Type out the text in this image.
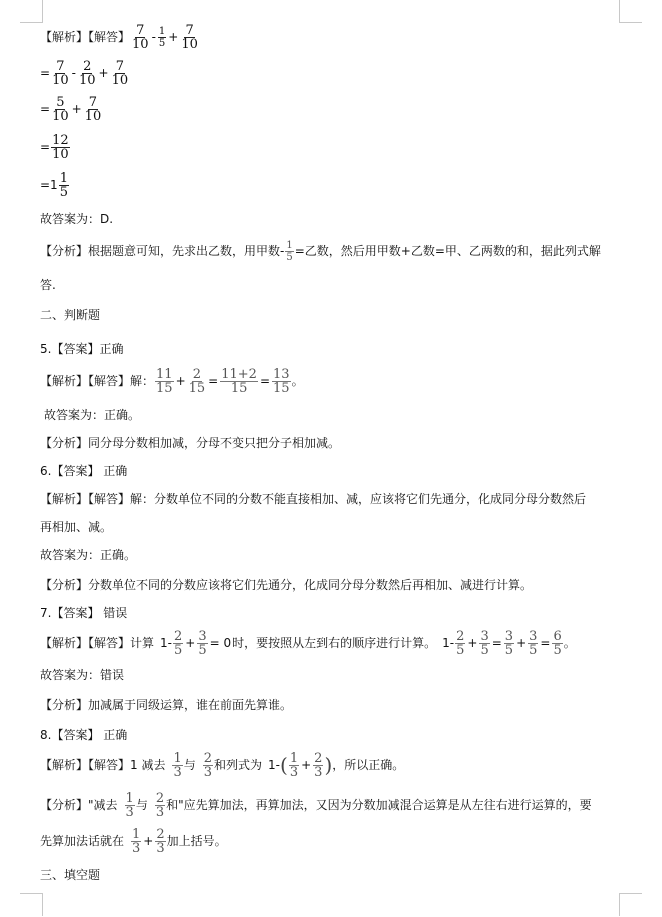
【解析】【解答】 $\frac{7}{10} - \frac{1}{5} + \frac{7}{10}$
= $\frac{7}{10} - \frac{2}{10} + \frac{7}{10}$
= $\frac{5}{10} + \frac{7}{10}$
= $\frac{12}{10}$
$=1 \frac{1}{5}$
故答案为：D.
【分析】根据题意可知，先求出乙数，用甲数- $\frac{1}{5}$ =乙数，然后用甲数+乙数=甲、乙两数的和，据此列式解
答.
二、判断题
5.【答案】正确
【解析】【解答】解： $\frac{11}{15} + \frac{2}{15} = \frac{11+2}{15} = \frac{13}{15}$ 。
故答案为：正确。
【分析】同分母分数相加减，分母不变只把分子相加减。
6.【答案】 正确
【解析】【解答】解：分数单位不同的分数不能直接相加、减，应该将它们先通分，化成同分母分数然后
再相加、减。
故答案为：正确。
【分析】分数单位不同的分数应该将它们先通分，化成同分母分数然后再相加、减进行计算。
7.【答案】 错误
【解析】【解答】计算 $1- \frac{2}{5} + \frac{3}{5} = 0$ 时，要按照从左到右的顺序进行计算。 $1- \frac{2}{5} + \frac{3}{5} = \frac{3}{5} + \frac{3}{5} = \frac{6}{5}$ 。
故答案为：错误
【分析】加减属于同级运算，谁在前面先算谁。
8.【答案】 正确
【解析】【解答】1 减去 $\frac{1}{3}$ 与 $\frac{2}{3}$ 和列式为 1- ( $\frac{1}{3} + \frac{2}{3}$ ) ，所以正确。
【分析】"减去 $\frac{1}{3}$ 与 $\frac{2}{3}$ 和"应先算加法，再算加法，又因为分数加减混合运算是从左往右进行运算的，要
先算加法话就在 $\frac{1}{3} + \frac{2}{3}$ 加上括号。
三、填空题
